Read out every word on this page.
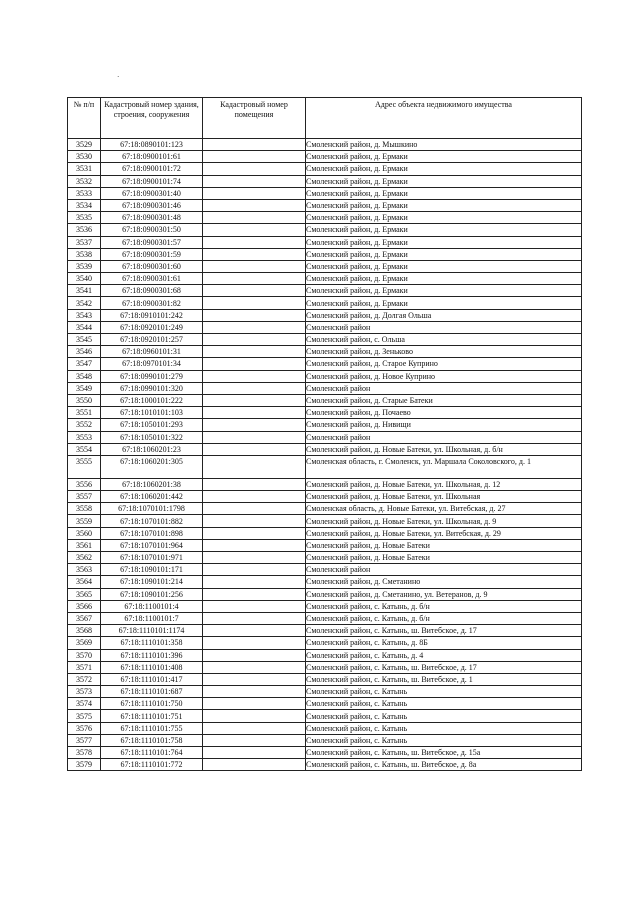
·
№ п/п	Кадастровый номер здания, строения, сооружения	Кадастровый номер помещения	Адрес объекта недвижимого имущества
3529	67:18:0890101:123		Смоленский район, д. Мышкино
3530	67:18:0900101:61		Смоленский район, д. Ермаки
3531	67:18:0900101:72		Смоленский район, д. Ермаки
3532	67:18:0900101:74		Смоленский район, д. Ермаки
3533	67:18:0900301:40		Смоленский район, д. Ермаки
3534	67:18:0900301:46		Смоленский район, д. Ермаки
3535	67:18:0900301:48		Смоленский район, д. Ермаки
3536	67:18:0900301:50		Смоленский район, д. Ермаки
3537	67:18:0900301:57		Смоленский район, д. Ермаки
3538	67:18:0900301:59		Смоленский район, д. Ермаки
3539	67:18:0900301:60		Смоленский район, д. Ермаки
3540	67:18:0900301:61		Смоленский район, д. Ермаки
3541	67:18:0900301:68		Смоленский район, д. Ермаки
3542	67:18:0900301:82		Смоленский район, д. Ермаки
3543	67:18:0910101:242		Смоленский район, д. Долгая Ольша
3544	67:18:0920101:249		Смоленский район
3545	67:18:0920101:257		Смоленский район, с. Ольша
3546	67:18:0960101:31		Смоленский район, д. Зеньково
3547	67:18:0970101:34		Смоленский район, д. Старое Куприно
3548	67:18:0990101:279		Смоленский район, д. Новое Куприно
3549	67:18:0990101:320		Смоленский район
3550	67:18:1000101:222		Смоленский район, д. Старые Батеки
3551	67:18:1010101:103		Смоленский район, д. Почаево
3552	67:18:1050101:293		Смоленский район, д. Нивищи
3553	67:18:1050101:322		Смоленский район
3554	67:18:1060201:23		Смоленский район, д. Новые Батеки, ул. Школьная, д. б/н
3555	67:18:1060201:305		Смоленская область, г. Смоленск, ул. Маршала Соколовского, д. 1
3556	67:18:1060201:38		Смоленский район, д. Новые Батеки, ул. Школьная, д. 12
3557	67:18:1060201:442		Смоленский район, д. Новые Батеки, ул. Школьная
3558	67:18:1070101:1798		Смоленская область, д. Новые Батеки, ул. Витебская, д. 27
3559	67:18:1070101:882		Смоленский район, д. Новые Батеки, ул. Школьная, д. 9
3560	67:18:1070101:898		Смоленский район, д. Новые Батеки, ул. Витебская, д. 29
3561	67:18:1070101:964		Смоленский район, д. Новые Батеки
3562	67:18:1070101:971		Смоленский район, д. Новые Батеки
3563	67:18:1090101:171		Смоленский район
3564	67:18:1090101:214		Смоленский район, д. Сметанино
3565	67:18:1090101:256		Смоленский район, д. Сметанино, ул. Ветеранов, д. 9
3566	67:18:1100101:4		Смоленский район, с. Катынь, д. б/н
3567	67:18:1100101:7		Смоленский район, с. Катынь, д. б/н
3568	67:18:1110101:1174		Смоленский район, с. Катынь, ш. Витебское, д. 17
3569	67:18:1110101:358		Смоленский район, с. Катынь, д. 8Б
3570	67:18:1110101:396		Смоленский район, с. Катынь, д. 4
3571	67:18:1110101:408		Смоленский район, с. Катынь, ш. Витебское, д. 17
3572	67:18:1110101:417		Смоленский район, с. Катынь, ш. Витебское, д. 1
3573	67:18:1110101:687		Смоленский район, с. Катынь
3574	67:18:1110101:750		Смоленский район, с. Катынь
3575	67:18:1110101:751		Смоленский район, с. Катынь
3576	67:18:1110101:755		Смоленский район, с. Катынь
3577	67:18:1110101:758		Смоленский район, с. Катынь
3578	67:18:1110101:764		Смоленский район, с. Катынь, ш. Витебское, д. 15а
3579	67:18:1110101:772		Смоленский район, с. Катынь, ш. Витебское, д. 8а
